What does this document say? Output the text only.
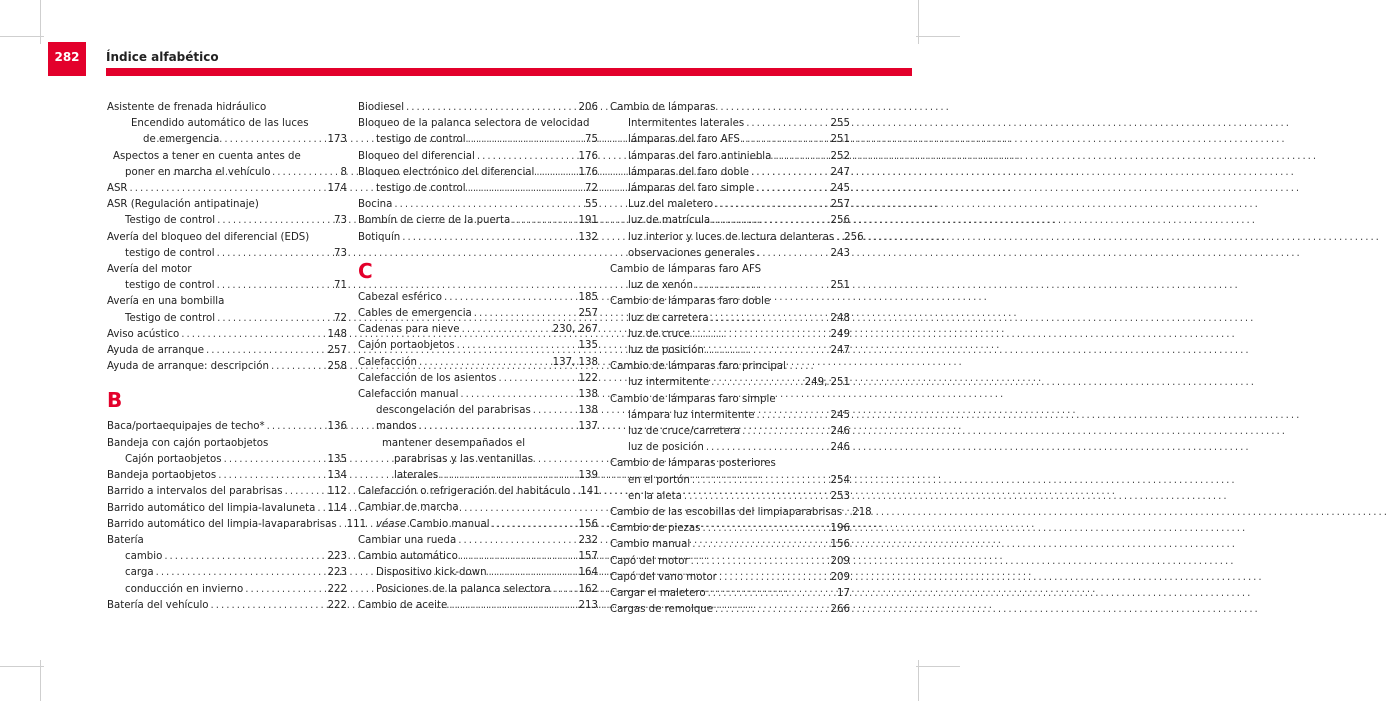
282	Índice alfabético
Asistente de frenada hidráulico
Encendido automático de las luces de emergencia .....	173
Aspectos a tener en cuenta antes de poner en marcha el vehículo .....	8
ASR .....	174
ASR (Regulación antipatinaje)
Testigo de control .....	73
Avería del bloqueo del diferencial (EDS)
testigo de control .....	73
Avería del motor
testigo de control .....	71
Avería en una bombilla
Testigo de control .....	72
Aviso acústico .....	148
Ayuda de arranque .....	257
Ayuda de arranque: descripción .....	258
B
Baca/portaequipajes de techo* .....	136
Bandeja con cajón portaobjetos
Cajón portaobjetos .....	135
Bandeja portaobjetos .....	134
Barrido a intervalos del parabrisas .....	112
Barrido automático del limpia-lavaluneta ..... 114
Barrido automático del limpia-lavaparabrisas ..... 111
Batería
cambio .....	223
carga .....	223
conducción en invierno .....	222
Batería del vehículo .....	222
Biodiesel .....	206
Bloqueo de la palanca selectora de velocidad
testigo de control .....	75
Bloqueo del diferencial .....	176
Bloqueo electrónico del diferencial .....	176
testigo de control .....	72
Bocina .....	55
Bombín de cierre de la puerta .....	191
Botiquín .....	132
C
Cabezal esférico .....	185
Cables de emergencia .....	257
Cadenas para nieve .....	230, 267
Cajón portaobjetos .....	135
Calefacción .....	137, 138
Calefacción de los asientos .....	122
Calefacción manual .....	138
descongelación del parabrisas .....	138
mandos .....	137
mantener desempañados el parabrisas y las ventanillas laterales .....	139
Calefacción o refrigeración del habitáculo ..... 141
Cambiar de marcha
véase Cambio manual .....	156
Cambiar una rueda .....	232
Cambio automático .....	157
Dispositivo kick-down .....	164
Posiciones de la palanca selectora .....	162
Cambio de aceite .....	213
Cambio de lámparas
Intermitentes laterales .....	255
lámparas del faro AFS .....	251
lámparas del faro antiniebla .....	252
lámparas del faro doble .....	247
lámparas del faro simple .....	245
Luz del maletero .....	257
luz de matrícula .....	256
luz interior y luces de lectura delanteras ..... 256
observaciones generales .....	243
Cambio de lámparas faro AFS
luz de xenón .....	251
Cambio de lámparas faro doble
luz de carretera .....	248
luz de cruce .....	249
luz de posición .....	247
Cambio de lámparas faro principal
luz intermitente .....	249, 251
Cambio de lámparas faro simple
lámpara luz intermitente .....	245
luz de cruce/carretera .....	246
luz de posición .....	246
Cambio de lámparas posteriores
en el portón .....	254
en la aleta .....	253
Cambio de las escobillas del limpiaparabrisas ..... 218
Cambio de piezas .....	196
Cambio manual .....	156
Capó del motor .....	209
Capó del vano motor .....	209
Cargar el maletero .....	17
Cargas de remolque .....	266
